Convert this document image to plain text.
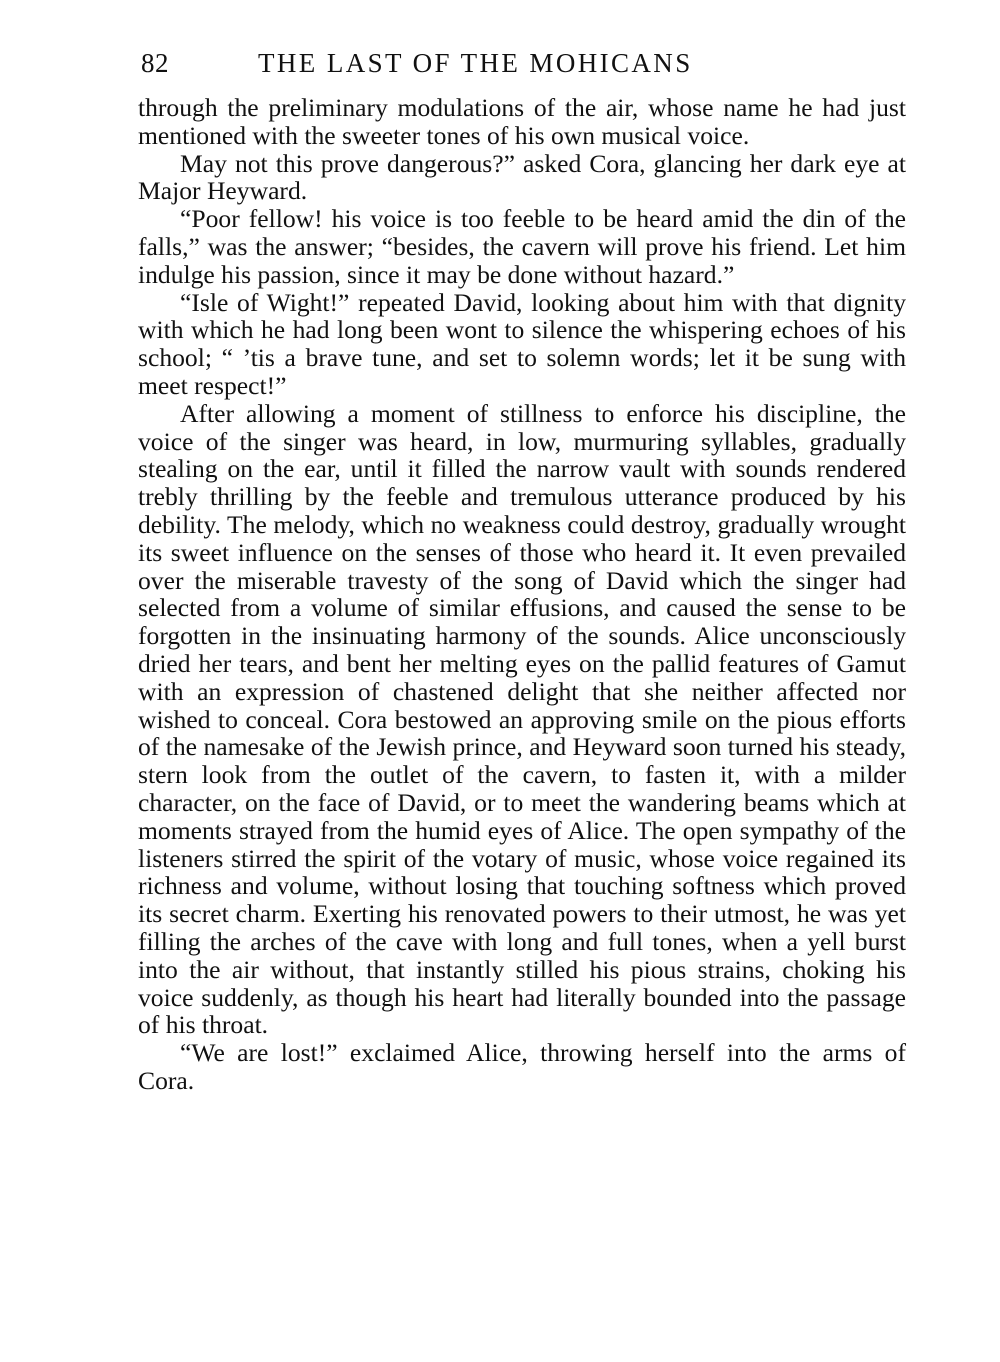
82	THE LAST OF THE MOHICANS

through the preliminary modulations of the air, whose name he had just mentioned with the sweeter tones of his own musical voice.

May not this prove dangerous?” asked Cora, glancing her dark eye at Major Heyward.

“Poor fellow! his voice is too feeble to be heard amid the din of the falls,” was the answer; “besides, the cavern will prove his friend. Let him indulge his passion, since it may be done without hazard.”

“Isle of Wight!” repeated David, looking about him with that dignity with which he had long been wont to silence the whispering echoes of his school; “ ’tis a brave tune, and set to solemn words; let it be sung with meet respect!”

After allowing a moment of stillness to enforce his discipline, the voice of the singer was heard, in low, murmuring syllables, gradually stealing on the ear, until it filled the narrow vault with sounds rendered trebly thrilling by the feeble and tremulous utterance produced by his debility. The melody, which no weakness could destroy, gradually wrought its sweet influence on the senses of those who heard it. It even prevailed over the miserable travesty of the song of David which the singer had selected from a volume of similar effusions, and caused the sense to be forgotten in the insinuating harmony of the sounds. Alice unconsciously dried her tears, and bent her melting eyes on the pallid features of Gamut with an expression of chastened delight that she neither affected nor wished to conceal. Cora bestowed an approving smile on the pious efforts of the namesake of the Jewish prince, and Heyward soon turned his steady, stern look from the outlet of the cavern, to fasten it, with a milder character, on the face of David, or to meet the wandering beams which at moments strayed from the humid eyes of Alice. The open sympathy of the listeners stirred the spirit of the votary of music, whose voice regained its richness and volume, without losing that touching softness which proved its secret charm. Exerting his renovated powers to their utmost, he was yet filling the arches of the cave with long and full tones, when a yell burst into the air without, that instantly stilled his pious strains, choking his voice suddenly, as though his heart had literally bounded into the passage of his throat.

“We are lost!” exclaimed Alice, throwing herself into the arms of Cora.
